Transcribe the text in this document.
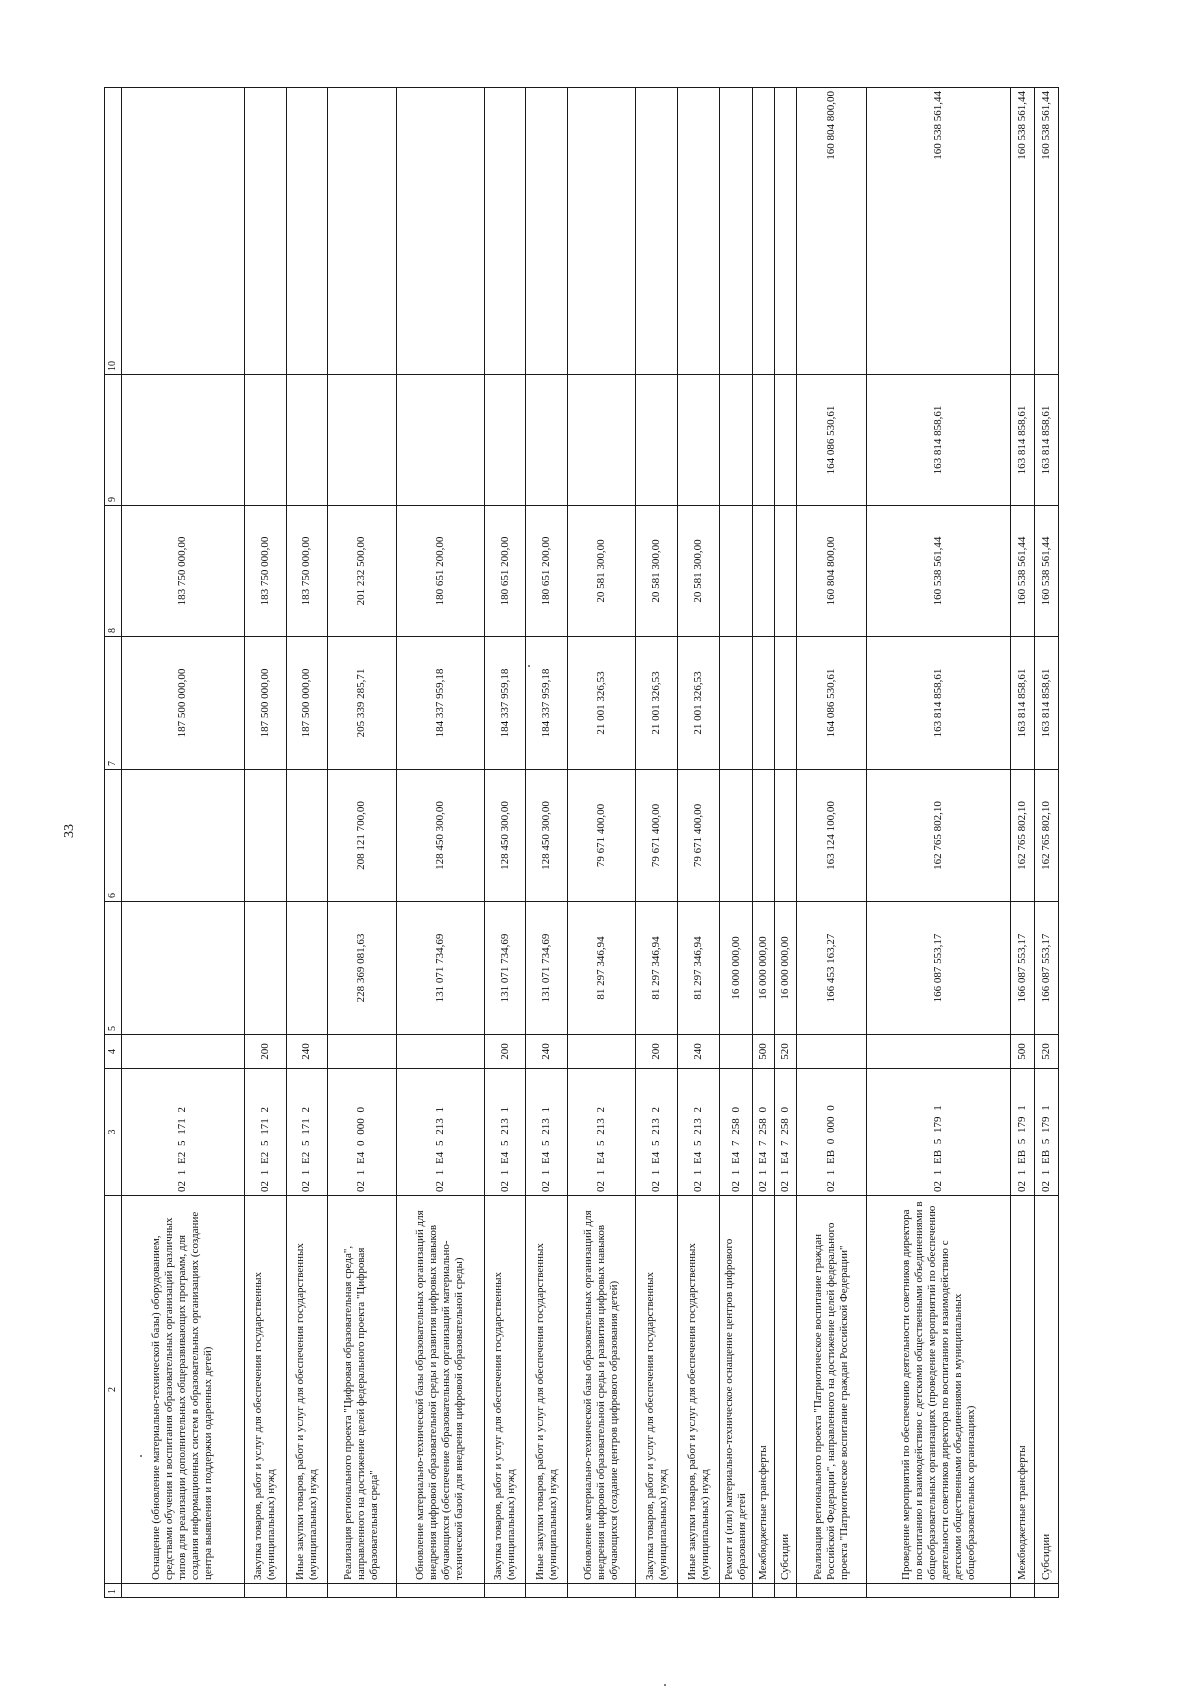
33
1	2	3	4	5	6	7	8	9	10
	Оснащение (обновление материально-технической базы) оборудованием, средствами обучения и воспитания образовательных организаций различных типов для реализации дополнительных общеразвивающих программ, для создания информационных систем в образовательных организациях (создание центра выявления и поддержки одаренных детей)	02 1 Е2 5 171 2				187 500 000,00	183 750 000,00		
	Закупка товаров, работ и услуг для обеспечения государственных (муниципальных) нужд	02 1 Е2 5 171 2	200			187 500 000,00	183 750 000,00		
	Иные закупки товаров, работ и услуг для обеспечения государственных (муниципальных) нужд	02 1 Е2 5 171 2	240			187 500 000,00	183 750 000,00		
	Реализация регионального проекта "Цифровая образовательная среда", направленного на достижение целей федерального проекта "Цифровая образовательная среда"	02 1 Е4 0 000 0		228 369 081,63	208 121 700,00	205 339 285,71	201 232 500,00		
	Обновление материально-технической базы образовательных организаций для внедрения цифровой образовательной среды и развития цифровых навыков обучающихся (обеспечение образовательных организаций материально-технической базой для внедрения цифровой образовательной среды)	02 1 Е4 5 213 1		131 071 734,69	128 450 300,00	184 337 959,18	180 651 200,00		
	Закупка товаров, работ и услуг для обеспечения государственных (муниципальных) нужд	02 1 Е4 5 213 1	200	131 071 734,69	128 450 300,00	184 337 959,18	180 651 200,00		
	Иные закупки товаров, работ и услуг для обеспечения государственных (муниципальных) нужд	02 1 Е4 5 213 1	240	131 071 734,69	128 450 300,00	184 337 959,18	180 651 200,00		
	Обновление материально-технической базы образовательных организаций для внедрения цифровой образовательной среды и развития цифровых навыков обучающихся (создание центров цифрового образования детей)	02 1 Е4 5 213 2		81 297 346,94	79 671 400,00	21 001 326,53	20 581 300,00		
	Закупка товаров, работ и услуг для обеспечения государственных (муниципальных) нужд	02 1 Е4 5 213 2	200	81 297 346,94	79 671 400,00	21 001 326,53	20 581 300,00		
	Иные закупки товаров, работ и услуг для обеспечения государственных (муниципальных) нужд	02 1 Е4 5 213 2	240	81 297 346,94	79 671 400,00	21 001 326,53	20 581 300,00		
	Ремонт и (или) материально-техническое оснащение центров цифрового образования детей	02 1 Е4 7 258 0		16 000 000,00					
	Межбюджетные трансферты	02 1 Е4 7 258 0	500	16 000 000,00					
	Субсидии	02 1 Е4 7 258 0	520	16 000 000,00					
	Реализация регионального проекта "Патриотическое воспитание граждан Российской Федерации", направленного на достижение целей федерального проекта "Патриотическое воспитание граждан Российской Федерации"	02 1 ЕВ 0 000 0		166 453 163,27	163 124 100,00	164 086 530,61	160 804 800,00	164 086 530,61	160 804 800,00
	Проведение мероприятий по обеспечению деятельности советников директора по воспитанию и взаимодействию с детскими общественными объединениями в общеобразовательных организациях (проведение мероприятий по обеспечению деятельности советников директора по воспитанию и взаимодействию с детскими общественными объединениями в муниципальных общеобразовательных организациях)	02 1 ЕВ 5 179 1		166 087 553,17	162 765 802,10	163 814 858,61	160 538 561,44	163 814 858,61	160 538 561,44
	Межбюджетные трансферты	02 1 ЕВ 5 179 1	500	166 087 553,17	162 765 802,10	163 814 858,61	160 538 561,44	163 814 858,61	160 538 561,44
	Субсидии	02 1 ЕВ 5 179 1	520	166 087 553,17	162 765 802,10	163 814 858,61	160 538 561,44	163 814 858,61	160 538 561,44
